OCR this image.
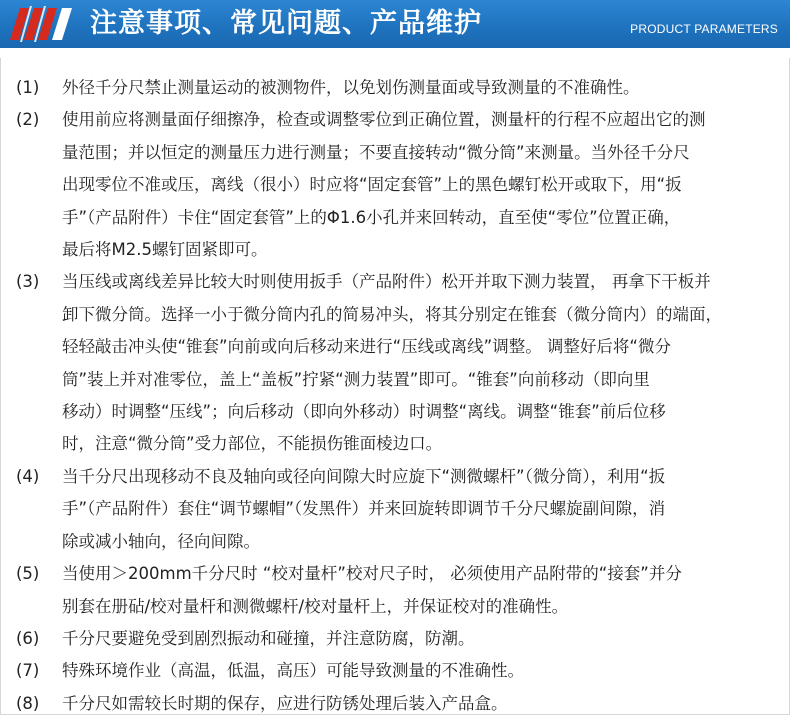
注意事项、常见问题、产品维护	PRODUCT PARAMETERS
(1)	外径千分尺禁止测量运动的被测物件，以免划伤测量面或导致测量的不准确性。
(2)	使用前应将测量面仔细擦净，检查或调整零位到正确位置，测量杆的行程不应超出它的测
量范围；并以恒定的测量压力进行测量；不要直接转动“微分筒”来测量。当外径千分尺
出现零位不准或压，离线（很小）时应将“固定套管”上的黑色螺钉松开或取下，用“扳
手”（产品附件）卡住“固定套管”上的Φ1.6小孔并来回转动，直至使“零位”位置正确，
最后将M2.5螺钉固紧即可。
(3)	当压线或离线差异比较大时则使用扳手（产品附件）松开并取下测力装置， 再拿下干板并
卸下微分筒。选择一小于微分筒内孔的简易冲头，将其分别定在锥套（微分筒内）的端面，
轻轻敲击冲头使“锥套”向前或向后移动来进行“压线或离线”调整。 调整好后将“微分
筒”装上并对准零位，盖上“盖板”拧紧“测力装置”即可。“锥套”向前移动（即向里
移动）时调整“压线”；向后移动（即向外移动）时调整“离线。调整“锥套”前后位移
时，注意“微分筒”受力部位，不能损伤锥面棱边口。
(4)	当千分尺出现移动不良及轴向或径向间隙大时应旋下“测微螺杆”（微分筒），利用“扳
手”（产品附件）套住“调节螺帽”（发黑件）并来回旋转即调节千分尺螺旋副间隙，消
除或减小轴向，径向间隙。
(5)	当使用＞200mm千分尺时 “校对量杆”校对尺子时， 必须使用产品附带的“接套”并分
别套在册砧/校对量杆和测微螺杆/校对量杆上，并保证校对的准确性。
(6)	千分尺要避免受到剧烈振动和碰撞，并注意防腐，防潮。
(7)	特殊环境作业（高温，低温，高压）可能导致测量的不准确性。
(8)	千分尺如需较长时期的保存，应进行防锈处理后装入产品盒。
